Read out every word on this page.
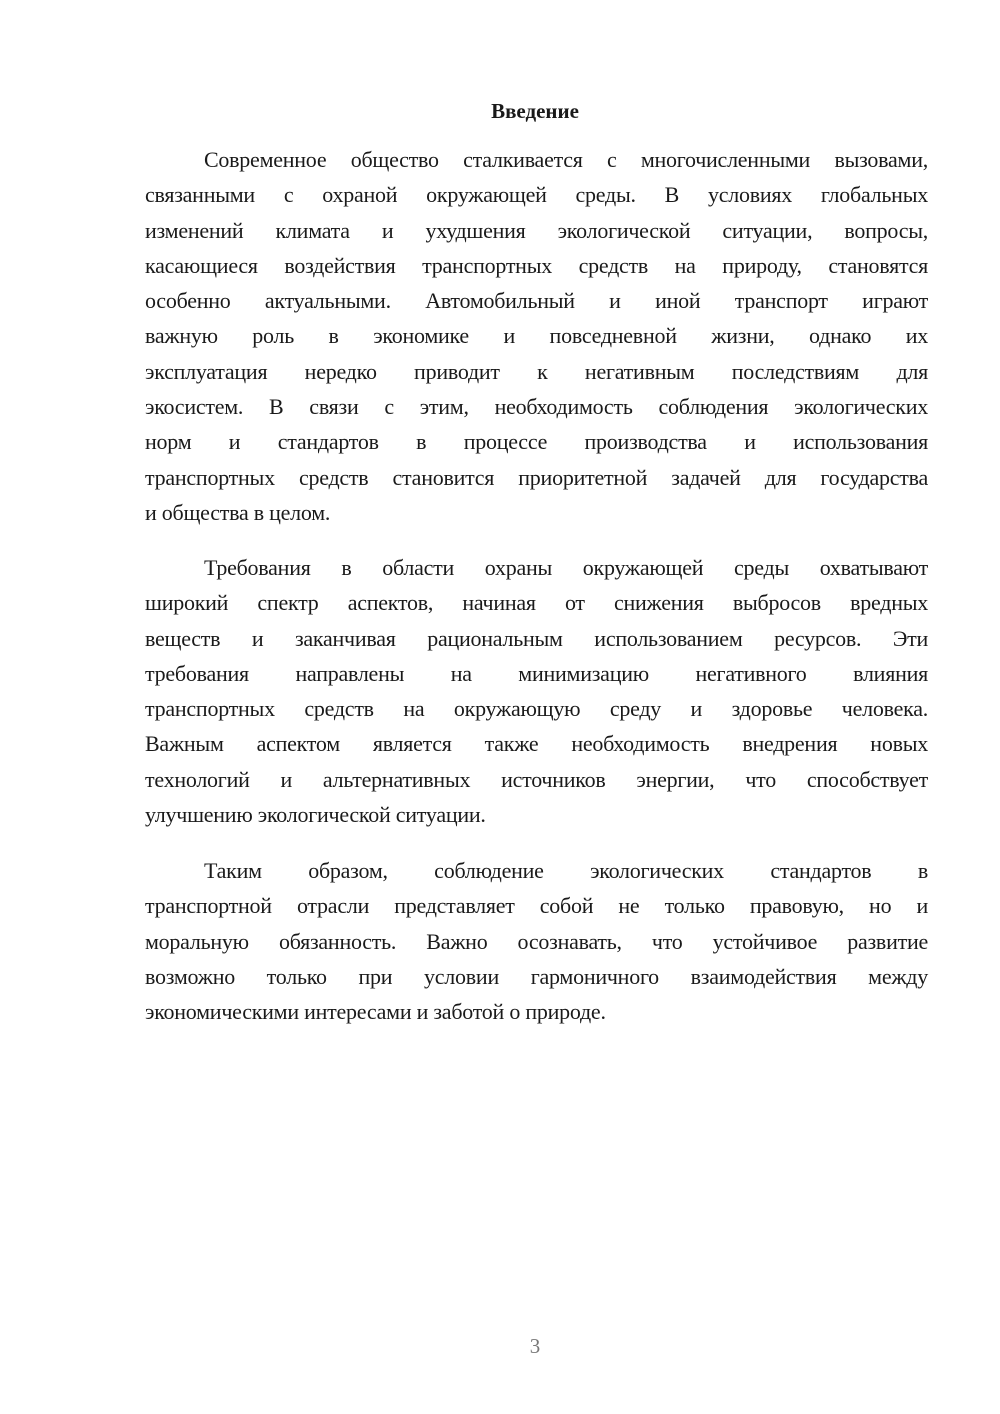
Введение
Современное общество сталкивается с многочисленными вызовами,
связанными с охраной окружающей среды. В условиях глобальных
изменений климата и ухудшения экологической ситуации, вопросы,
касающиеся воздействия транспортных средств на природу, становятся
особенно актуальными. Автомобильный и иной транспорт играют
важную роль в экономике и повседневной жизни, однако их
эксплуатация нередко приводит к негативным последствиям для
экосистем. В связи с этим, необходимость соблюдения экологических
норм и стандартов в процессе производства и использования
транспортных средств становится приоритетной задачей для государства
и общества в целом.
Требования в области охраны окружающей среды охватывают
широкий спектр аспектов, начиная от снижения выбросов вредных
веществ и заканчивая рациональным использованием ресурсов. Эти
требования направлены на минимизацию негативного влияния
транспортных средств на окружающую среду и здоровье человека.
Важным аспектом является также необходимость внедрения новых
технологий и альтернативных источников энергии, что способствует
улучшению экологической ситуации.
Таким образом, соблюдение экологических стандартов в
транспортной отрасли представляет собой не только правовую, но и
моральную обязанность. Важно осознавать, что устойчивое развитие
возможно только при условии гармоничного взаимодействия между
экономическими интересами и заботой о природе.
3
